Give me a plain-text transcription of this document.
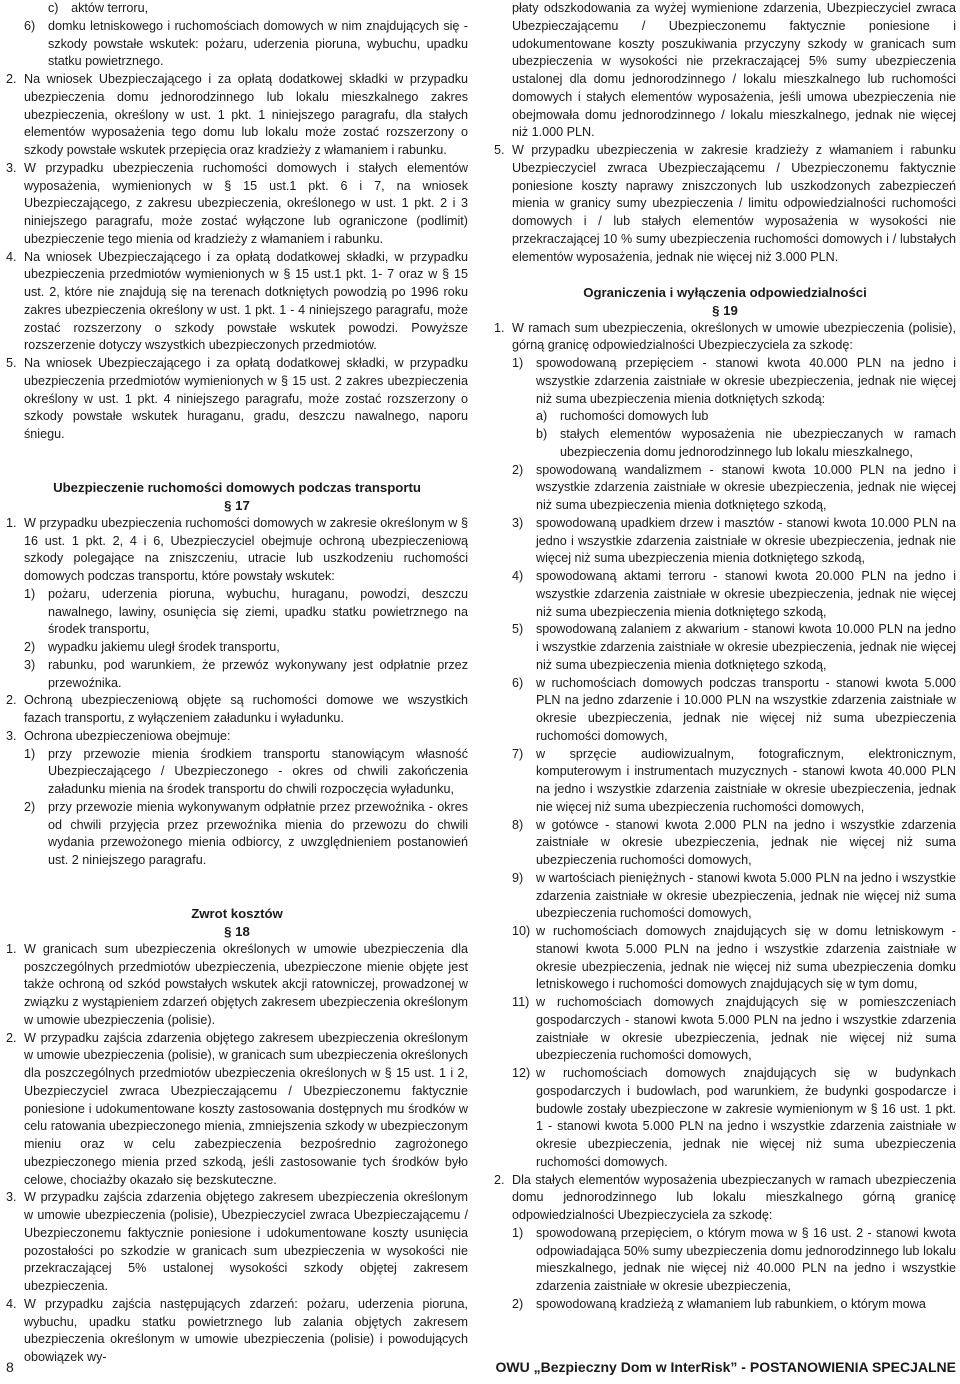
c) aktów terroru,
6)	domku letniskowego i ruchomościach domowych w nim znajdujących się - szkody powstałe wskutek: pożaru, uderzenia pioruna, wybuchu, upadku statku powietrznego.
2. Na wniosek Ubezpieczającego i za opłatą dodatkowej składki w przypadku ubezpieczenia domu jednorodzinnego lub lokalu mieszkalnego zakres ubezpieczenia, określony w ust. 1 pkt. 1 niniejszego paragrafu, dla stałych elementów wyposażenia tego domu lub lokalu może zostać rozszerzony o szkody powstałe wskutek przepięcia oraz kradzieży z włamaniem i rabunku.
3. W przypadku ubezpieczenia ruchomości domowych i stałych elementów wyposażenia, wymienionych w § 15 ust.1 pkt. 6 i 7, na wniosek Ubezpieczającego, z zakresu ubezpieczenia, określonego w ust. 1 pkt. 2 i 3 niniejszego paragrafu, może zostać wyłączone lub ograniczone (podlimit) ubezpieczenie tego mienia od kradzieży z włamaniem i rabunku.
4. Na wniosek Ubezpieczającego i za opłatą dodatkowej składki, w przypadku ubezpieczenia przedmiotów wymienionych w § 15 ust.1 pkt. 1- 7 oraz w § 15 ust. 2, które nie znajdują się na terenach dotkniętych powodzią po 1996 roku zakres ubezpieczenia określony w ust. 1 pkt. 1 - 4 niniejszego paragrafu, może zostać rozszerzony o szkody powstałe wskutek powodzi. Powyższe rozszerzenie dotyczy wszystkich ubezpieczonych przedmiotów.
5. Na wniosek Ubezpieczającego i za opłatą dodatkowej składki, w przypadku ubezpieczenia przedmiotów wymienionych w § 15 ust. 2 zakres ubezpieczenia określony w ust. 1 pkt. 4 niniejszego paragrafu, może zostać rozszerzony o szkody powstałe wskutek huraganu, gradu, deszczu nawalnego, naporu śniegu.

Ubezpieczenie ruchomości domowych podczas transportu

§ 17

1. W przypadku ubezpieczenia ruchomości domowych w zakresie określonym w § 16 ust. 1 pkt. 2, 4 i 6, Ubezpieczyciel obejmuje ochroną ubezpieczeniową szkody polegające na zniszczeniu, utracie lub uszkodzeniu ruchomości domowych podczas transportu, które powstały wskutek:
1)	pożaru, uderzenia pioruna, wybuchu, huraganu, powodzi, deszczu nawalnego, lawiny, osunięcia się ziemi, upadku statku powietrznego na środek transportu,
2)	wypadku jakiemu uległ środek transportu,
3)	rabunku, pod warunkiem, że przewóz wykonywany jest odpłatnie przez przewoźnika.
2. Ochroną ubezpieczeniową objęte są ruchomości domowe we wszystkich fazach transportu, z wyłączeniem załadunku i wyładunku.
3. Ochrona ubezpieczeniowa obejmuje:
1)	przy przewozie mienia środkiem transportu stanowiącym własność Ubezpieczającego / Ubezpieczonego - okres od chwili zakończenia załadunku mienia na środek transportu do chwili rozpoczęcia wyładunku,
2)	przy przewozie mienia wykonywanym odpłatnie przez przewoźnika - okres od chwili przyjęcia przez przewoźnika mienia do przewozu do chwili wydania przewożonego mienia odbiorcy, z uwzględnieniem postanowień ust. 2 niniejszego paragrafu.

Zwrot kosztów

§ 18

1. W granicach sum ubezpieczenia określonych w umowie ubezpieczenia dla poszczególnych przedmiotów ubezpieczenia, ubezpieczone mienie objęte jest także ochroną od szkód powstałych wskutek akcji ratowniczej, prowadzonej w związku z wystąpieniem zdarzeń objętych zakresem ubezpieczenia określonym w umowie ubezpieczenia (polisie).
2. W przypadku zajścia zdarzenia objętego zakresem ubezpieczenia określonym w umowie ubezpieczenia (polisie), w granicach sum ubezpieczenia określonych dla poszczególnych przedmiotów ubezpieczenia określonych w § 15 ust. 1 i 2, Ubezpieczyciel zwraca Ubezpieczającemu / Ubezpieczonemu faktycznie poniesione i udokumentowane koszty zastosowania dostępnych mu środków w celu ratowania ubezpieczonego mienia, zmniejszenia szkody w ubezpieczonym mieniu oraz w celu zabezpieczenia bezpośrednio zagrożonego ubezpieczonego mienia przed szkodą, jeśli zastosowanie tych środków było celowe, chociażby okazało się bezskuteczne.
3. W przypadku zajścia zdarzenia objętego zakresem ubezpieczenia określonym w umowie ubezpieczenia (polisie), Ubezpieczyciel zwraca Ubezpieczającemu / Ubezpieczonemu faktycznie poniesione i udokumentowane koszty usunięcia pozostałości po szkodzie w granicach sum ubezpieczenia w wysokości nie przekraczającej 5% ustalonej wysokości szkody objętej zakresem ubezpieczenia.
4. W przypadku zajścia następujących zdarzeń: pożaru, uderzenia pioruna, wybuchu, upadku statku powietrznego lub zalania objętych zakresem ubezpieczenia określonym w umowie ubezpieczenia (polisie) i powodujących obowiązek wy-
płaty odszkodowania za wyżej wymienione zdarzenia, Ubezpieczyciel zwraca Ubezpieczającemu / Ubezpieczonemu faktycznie poniesione i udokumentowane koszty poszukiwania przyczyny szkody w granicach sum ubezpieczenia w wysokości nie przekraczającej 5% sumy ubezpieczenia ustalonej dla domu jednorodzinnego / lokalu mieszkalnego lub ruchomości domowych i stałych elementów wyposażenia, jeśli umowa ubezpieczenia nie obejmowała domu jednorodzinnego / lokalu mieszkalnego, jednak nie więcej niż 1.000 PLN.
5. W przypadku ubezpieczenia w zakresie kradzieży z włamaniem i rabunku Ubezpieczyciel zwraca Ubezpieczającemu / Ubezpieczonemu faktycznie poniesione koszty naprawy zniszczonych lub uszkodzonych zabezpieczeń mienia w granicy sumy ubezpieczenia / limitu odpowiedzialności ruchomości domowych i / lub stałych elementów wyposażenia w wysokości nie przekraczającej 10 % sumy ubezpieczenia ruchomości domowych i / lubstałych elementów wyposażenia, jednak nie więcej niż 3.000 PLN.

Ograniczenia i wyłączenia odpowiedzialności

§ 19

1. W ramach sum ubezpieczenia, określonych w umowie ubezpieczenia (polisie), górną granicę odpowiedzialności Ubezpieczyciela za szkodę:
1)	spowodowaną przepięciem - stanowi kwota 40.000 PLN na jedno i wszystkie zdarzenia zaistniałe w okresie ubezpieczenia, jednak nie więcej niż suma ubezpieczenia mienia dotkniętych szkodą:
a)	ruchomości domowych lub
b)	stałych elementów wyposażenia nie ubezpieczanych w ramach ubezpieczenia domu jednorodzinnego lub lokalu mieszkalnego,
2)	spowodowaną wandalizmem - stanowi kwota 10.000 PLN na jedno i wszystkie zdarzenia zaistniałe w okresie ubezpieczenia, jednak nie więcej niż suma ubezpieczenia mienia dotkniętego szkodą,
3)	spowodowaną upadkiem drzew i masztów - stanowi kwota 10.000 PLN na jedno i wszystkie zdarzenia zaistniałe w okresie ubezpieczenia, jednak nie więcej niż suma ubezpieczenia mienia dotkniętego szkodą,
4)	spowodowaną aktami terroru - stanowi kwota 20.000 PLN na jedno i wszystkie zdarzenia zaistniałe w okresie ubezpieczenia, jednak nie więcej niż suma ubezpieczenia mienia dotkniętego szkodą,
5)	spowodowaną zalaniem z akwarium - stanowi kwota 10.000 PLN na jedno i wszystkie zdarzenia zaistniałe w okresie ubezpieczenia, jednak nie więcej niż suma ubezpieczenia mienia dotkniętego szkodą,
6)	w ruchomościach domowych podczas transportu - stanowi kwota 5.000 PLN na jedno zdarzenie i 10.000 PLN na wszystkie zdarzenia zaistniałe w okresie ubezpieczenia, jednak nie więcej niż suma ubezpieczenia ruchomości domowych,
7)	w sprzęcie audiowizualnym, fotograficznym, elektronicznym, komputerowym i instrumentach muzycznych - stanowi kwota 40.000 PLN na jedno i wszystkie zdarzenia zaistniałe w okresie ubezpieczenia, jednak nie więcej niż suma ubezpieczenia ruchomości domowych,
8)	w gotówce - stanowi kwota 2.000 PLN na jedno i wszystkie zdarzenia zaistniałe w okresie ubezpieczenia, jednak nie więcej niż suma ubezpieczenia ruchomości domowych,
9)	w wartościach pieniężnych - stanowi kwota 5.000 PLN na jedno i wszystkie zdarzenia zaistniałe w okresie ubezpieczenia, jednak nie więcej niż suma ubezpieczenia ruchomości domowych,
10) w ruchomościach domowych znajdujących się w domu letniskowym - stanowi kwota 5.000 PLN na jedno i wszystkie zdarzenia zaistniałe w okresie ubezpieczenia, jednak nie więcej niż suma ubezpieczenia domku letniskowego i ruchomości domowych znajdujących się w tym domu,
11) w ruchomościach domowych znajdujących się w pomieszczeniach gospodarczych - stanowi kwota 5.000 PLN na jedno i wszystkie zdarzenia zaistniałe w okresie ubezpieczenia, jednak nie więcej niż suma ubezpieczenia ruchomości domowych,
12) w ruchomościach domowych znajdujących się w budynkach gospodarczych i budowlach, pod warunkiem, że budynki gospodarcze i budowle zostały ubezpieczone w zakresie wymienionym w § 16 ust. 1 pkt. 1 - stanowi kwota 5.000 PLN na jedno i wszystkie zdarzenia zaistniałe w okresie ubezpieczenia, jednak nie więcej niż suma ubezpieczenia ruchomości domowych.
2. Dla stałych elementów wyposażenia ubezpieczanych w ramach ubezpieczenia domu jednorodzinnego lub lokalu mieszkalnego górną granicę odpowiedzialności Ubezpieczyciela za szkodę:
1)	spowodowaną przepięciem, o którym mowa w § 16 ust. 2 - stanowi kwota odpowiadająca 50% sumy ubezpieczenia domu jednorodzinnego lub lokalu mieszkalnego, jednak nie więcej niż 40.000 PLN na jedno i wszystkie zdarzenia zaistniałe w okresie ubezpieczenia,
2)	spowodowaną kradzieżą z włamaniem lub rabunkiem, o którym mowa
8	OWU „Bezpieczny Dom w InterRisk” - POSTANOWIENIA SPECJALNE
